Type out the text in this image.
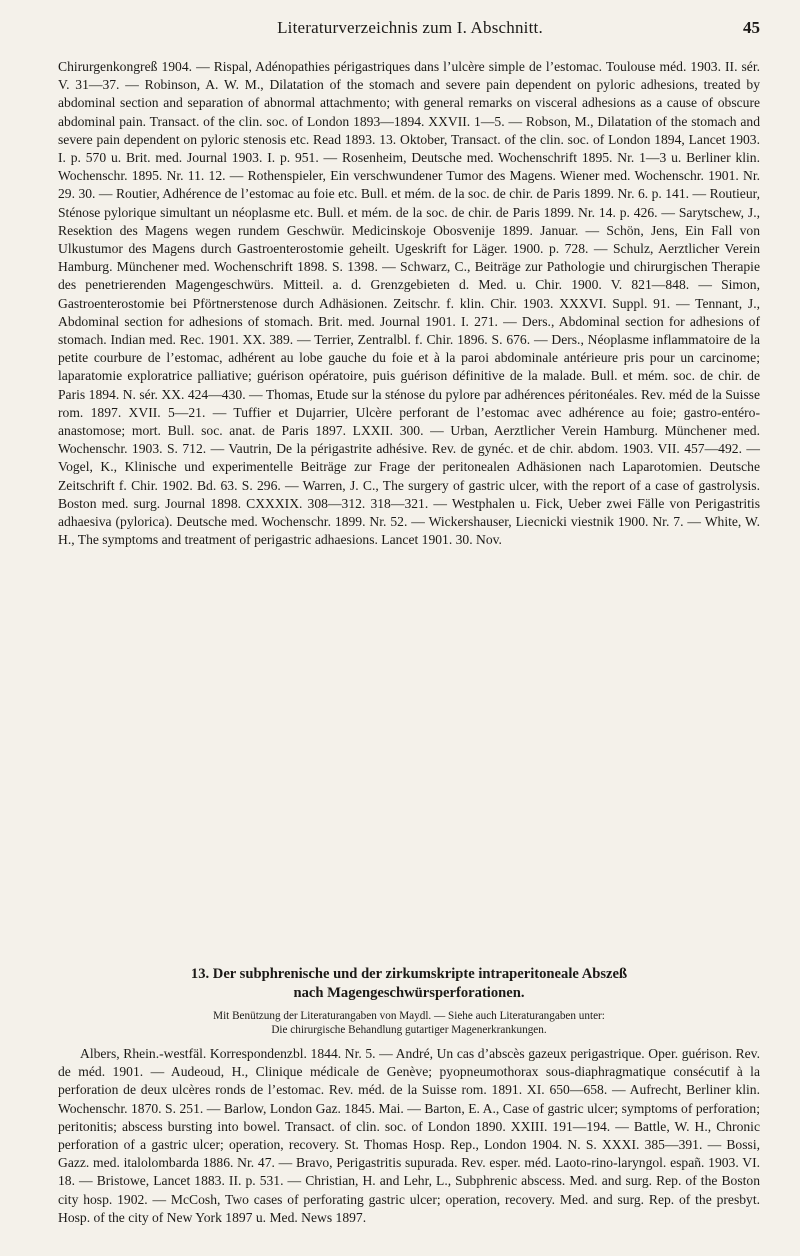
Literaturverzeichnis zum I. Abschnitt.	45
Chirurgenkongreß 1904. — Rispal, Adénopathies périgastriques dans l’ulcère simple de l’estomac. Toulouse méd. 1903. II. sér. V. 31—37. — Robinson, A. W. M., Dilatation of the stomach and severe pain dependent on pyloric adhesions, treated by abdominal section and separation of abnormal attachmento; with general remarks on visceral adhesions as a cause of obscure abdominal pain. Transact. of the clin. soc. of London 1893—1894. XXVII. 1—5. — Robson, M., Dilatation of the stomach and severe pain dependent on pyloric stenosis etc. Read 1893. 13. Oktober, Transact. of the clin. soc. of London 1894, Lancet 1903. I. p. 570 u. Brit. med. Journal 1903. I. p. 951. — Rosenheim, Deutsche med. Wochenschrift 1895. Nr. 1—3 u. Berliner klin. Wochenschr. 1895. Nr. 11. 12. — Rothenspieler, Ein verschwundener Tumor des Magens. Wiener med. Wochenschr. 1901. Nr. 29. 30. — Routier, Adhérence de l’estomac au foie etc. Bull. et mém. de la soc. de chir. de Paris 1899. Nr. 6. p. 141. — Routieur, Sténose pylorique simultant un néoplasme etc. Bull. et mém. de la soc. de chir. de Paris 1899. Nr. 14. p. 426. — Sarytschew, J., Resektion des Magens wegen rundem Geschwür. Medicinskoje Obosvenije 1899. Januar. — Schön, Jens, Ein Fall von Ulkustumor des Magens durch Gastroenterostomie geheilt. Ugeskrift for Läger. 1900. p. 728. — Schulz, Aerztlicher Verein Hamburg. Münchener med. Wochenschrift 1898. S. 1398. — Schwarz, C., Beiträge zur Pathologie und chirurgischen Therapie des penetrierenden Magengeschwürs. Mitteil. a. d. Grenzgebieten d. Med. u. Chir. 1900. V. 821—848. — Simon, Gastroenterostomie bei Pförtnerstenose durch Adhäsionen. Zeitschr. f. klin. Chir. 1903. XXXVI. Suppl. 91. — Tennant, J., Abdominal section for adhesions of stomach. Brit. med. Journal 1901. I. 271. — Ders., Abdominal section for adhesions of stomach. Indian med. Rec. 1901. XX. 389. — Terrier, Zentralbl. f. Chir. 1896. S. 676. — Ders., Néoplasme inflammatoire de la petite courbure de l’estomac, adhérent au lobe gauche du foie et à la paroi abdominale antérieure pris pour un carcinome; laparatomie exploratrice palliative; guérison opératoire, puis guérison définitive de la malade. Bull. et mém. soc. de chir. de Paris 1894. N. sér. XX. 424—430. — Thomas, Etude sur la sténose du pylore par adhérences péritonéales. Rev. méd de la Suisse rom. 1897. XVII. 5—21. — Tuffier et Dujarrier, Ulcère perforant de l’estomac avec adhérence au foie; gastro-entéro-anastomose; mort. Bull. soc. anat. de Paris 1897. LXXII. 300. — Urban, Aerztlicher Verein Hamburg. Münchener med. Wochenschr. 1903. S. 712. — Vautrin, De la périgastrite adhésive. Rev. de gynéc. et de chir. abdom. 1903. VII. 457—492. — Vogel, K., Klinische und experimentelle Beiträge zur Frage der peritonealen Adhäsionen nach Laparotomien. Deutsche Zeitschrift f. Chir. 1902. Bd. 63. S. 296. — Warren, J. C., The surgery of gastric ulcer, with the report of a case of gastrolysis. Boston med. surg. Journal 1898. CXXXIX. 308—312. 318—321. — Westphalen u. Fick, Ueber zwei Fälle von Perigastritis adhaesiva (pylorica). Deutsche med. Wochenschr. 1899. Nr. 52. — Wickershauser, Liecnicki viestnik 1900. Nr. 7. — White, W. H., The symptoms and treatment of perigastric adhaesions. Lancet 1901. 30. Nov.
13. Der subphrenische und der zirkumskripte intraperitoneale Abszeß
nach Magengeschwürsperforationen.
Mit Benützung der Literaturangaben von Maydl. — Siehe auch Literaturangaben unter:
Die chirurgische Behandlung gutartiger Magenerkrankungen.
Albers, Rhein.-westfäl. Korrespondenzbl. 1844. Nr. 5. — André, Un cas d’abscès gazeux perigastrique. Oper. guérison. Rev. de méd. 1901. — Audeoud, H., Clinique médicale de Genève; pyopneumothorax sous-diaphragmatique consécutif à la perforation de deux ulcères ronds de l’estomac. Rev. méd. de la Suisse rom. 1891. XI. 650—658. — Aufrecht, Berliner klin. Wochenschr. 1870. S. 251. — Barlow, London Gaz. 1845. Mai. — Barton, E. A., Case of gastric ulcer; symptoms of perforation; peritonitis; abscess bursting into bowel. Transact. of clin. soc. of London 1890. XXIII. 191—194. — Battle, W. H., Chronic perforation of a gastric ulcer; operation, recovery. St. Thomas Hosp. Rep., London 1904. N. S. XXXI. 385—391. — Bossi, Gazz. med. italolombarda 1886. Nr. 47. — Bravo, Perigastritis supurada. Rev. esper. méd. Laoto-rino-laryngol. españ. 1903. VI. 18. — Bristowe, Lancet 1883. II. p. 531. — Christian, H. and Lehr, L., Subphrenic abscess. Med. and surg. Rep. of the Boston city hosp. 1902. — McCosh, Two cases of perforating gastric ulcer; operation, recovery. Med. and surg. Rep. of the presbyt. Hosp. of the city of New York 1897 u. Med. News 1897.
